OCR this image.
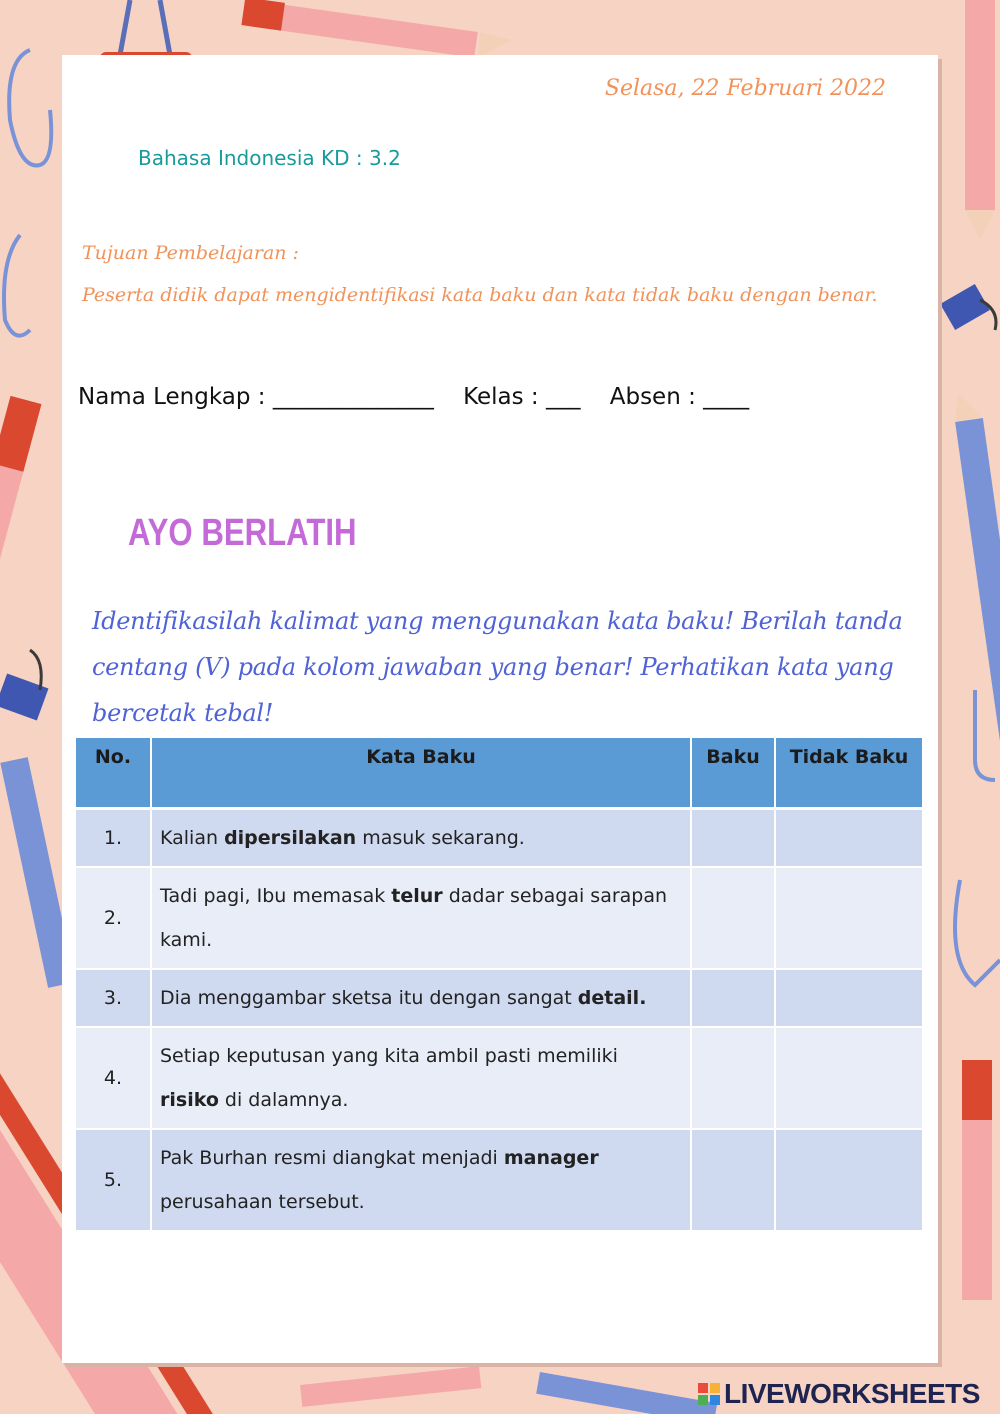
Selasa, 22 Februari 2022
Bahasa Indonesia KD : 3.2
Tujuan Pembelajaran :
Peserta didik dapat mengidentifikasi kata baku dan kata tidak baku dengan benar.
Nama Lengkap : ______________    Kelas : ___    Absen : ____
AYO BERLATIH
Identifikasilah kalimat yang menggunakan kata baku! Berilah tanda centang (V) pada kolom jawaban yang benar! Perhatikan kata yang bercetak tebal!
No.	Kata Baku	Baku	Tidak Baku
1.	Kalian dipersilakan masuk sekarang.		
2.	Tadi pagi, Ibu memasak telur dadar sebagai sarapan kami.		
3.	Dia menggambar sketsa itu dengan sangat detail.		
4.	Setiap keputusan yang kita ambil pasti memiliki risiko di dalamnya.		
5.	Pak Burhan resmi diangkat menjadi manager perusahaan tersebut.		
LIVEWORKSHEETS
